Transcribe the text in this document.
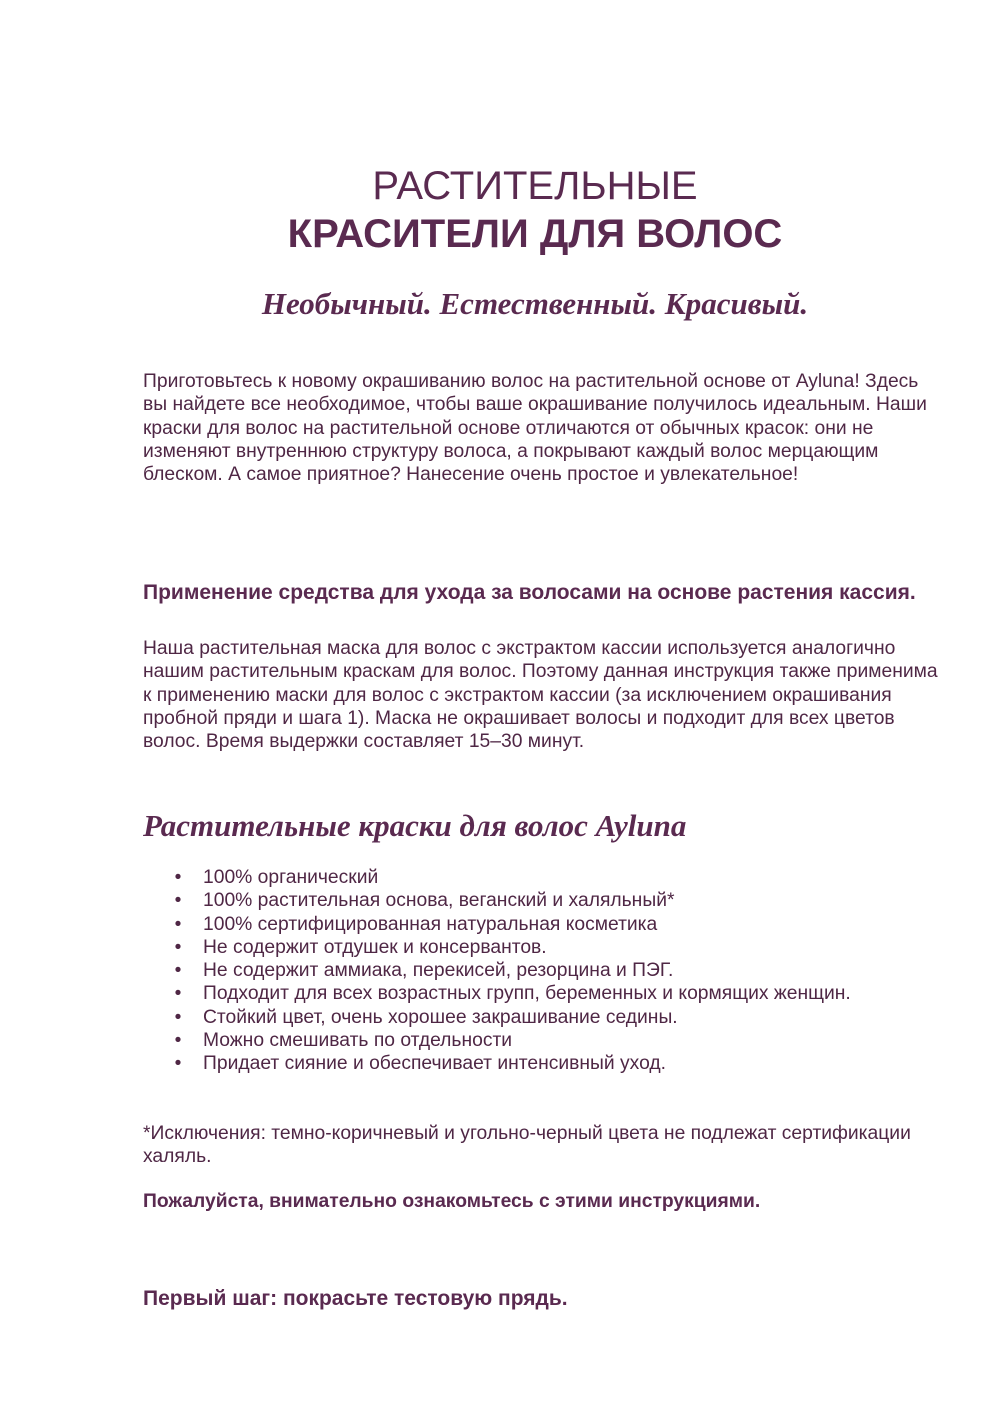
РАСТИТЕЛЬНЫЕ

КРАСИТЕЛИ ДЛЯ ВОЛОС

Необычный. Естественный. Красивый.
Приготовьтесь к новому окрашиванию волос на растительной основе от Ayluna! Здесь вы найдете все необходимое, чтобы ваше окрашивание получилось идеальным. Наши краски для волос на растительной основе отличаются от обычных красок: они не изменяют внутреннюю структуру волоса, а покрывают каждый волос мерцающим блеском. А самое приятное? Нанесение очень простое и увлекательное!
Применение средства для ухода за волосами на основе растения кассия.
Наша растительная маска для волос с экстрактом кассии используется аналогично нашим растительным краскам для волос. Поэтому данная инструкция также применима к применению маски для волос с экстрактом кассии (за исключением окрашивания пробной пряди и шага 1). Маска не окрашивает волосы и подходит для всех цветов волос. Время выдержки составляет 15–30 минут.
Растительные краски для волос Ayluna
• 100% органический
• 100% растительная основа, веганский и халяльный*
• 100% сертифицированная натуральная косметика
• Не содержит отдушек и консервантов.
• Не содержит аммиака, перекисей, резорцина и ПЭГ.
• Подходит для всех возрастных групп, беременных и кормящих женщин.
• Стойкий цвет, очень хорошее закрашивание седины.
• Можно смешивать по отдельности
• Придает сияние и обеспечивает интенсивный уход.
*Исключения: темно-коричневый и угольно-черный цвета не подлежат сертификации халяль.
Пожалуйста, внимательно ознакомьтесь с этими инструкциями.
Первый шаг: покрасьте тестовую прядь.
